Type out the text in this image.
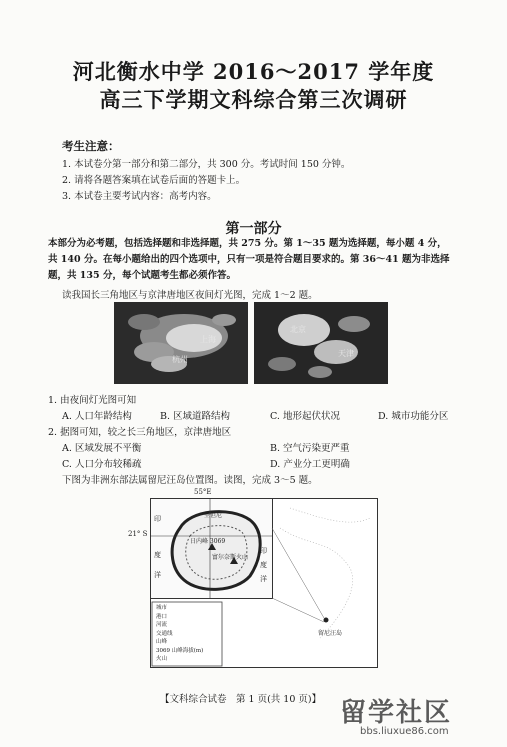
河北衡水中学 2016～2017 学年度
高三下学期文科综合第三次调研
考生注意：
1. 本试卷分第一部分和第二部分，共 300 分。考试时间 150 分钟。
2. 请将各题答案填在试卷后面的答题卡上。
3. 本试卷主要考试内容：高考内容。
第一部分
本部分为必考题，包括选择题和非选择题，共 275 分。第 1～35 题为选择题，每小题 4 分，
共 140 分。在每小题给出的四个选项中，只有一项是符合题目要求的。第 36～41 题为非选择
题，共 135 分，每个试题考生都必须作答。
读我国长三角地区与京津唐地区夜间灯光图，完成 1～2 题。
上海
杭州
北京
天津
1. 由夜间灯光图可知
A. 人口年龄结构	B. 区域道路结构	C. 地形起伏状况	D. 城市功能分区
2. 据图可知，较之长三角地区，京津唐地区
A. 区域发展不平衡	B. 空气污染更严重
C. 人口分布较稀疏	D. 产业分工更明确
下图为非洲东部法属留尼汪岛位置图。读图，完成 3～5 题。
55°E
21° S
日内峰 3069
富尔奈斯火山
圣但尼
留尼汪岛
印
度
洋
印
度
洋
城市
港口
河流
交通线
山峰
3069 山峰海拔(m)
火山
【文科综合试卷　第 1 页(共 10 页)】 留学社区
bbs.liuxue86.com
